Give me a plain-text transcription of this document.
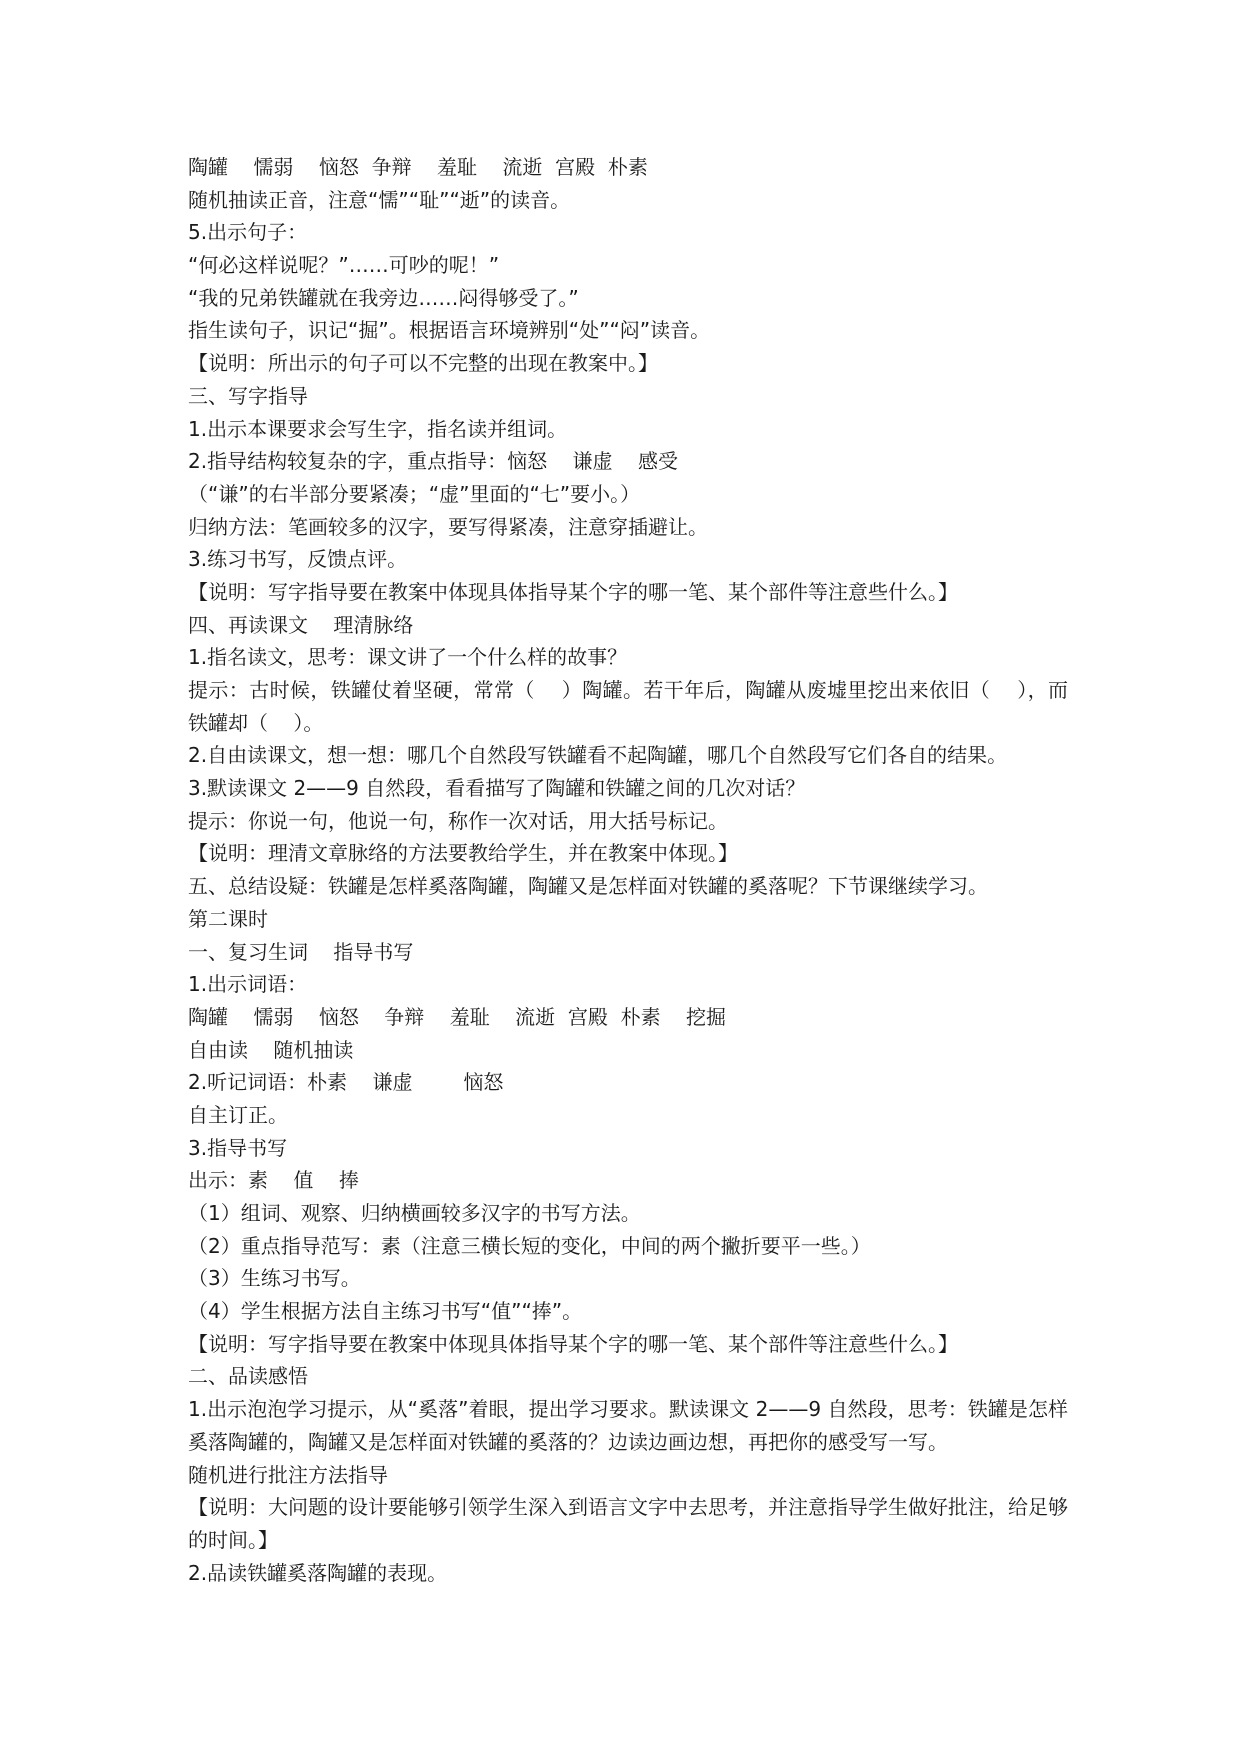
陶罐    懦弱    恼怒  争辩    羞耻    流逝  宫殿  朴素
随机抽读正音，注意“懦”“耻”“逝”的读音。
5.出示句子：
“何必这样说呢？”……可吵的呢！”
“我的兄弟铁罐就在我旁边……闷得够受了。”
指生读句子，识记“掘”。根据语言环境辨别“处”“闷”读音。
【说明：所出示的句子可以不完整的出现在教案中。】
三、写字指导
1.出示本课要求会写生字，指名读并组词。
2.指导结构较复杂的字，重点指导：恼怒    谦虚    感受
（“谦”的右半部分要紧凑；“虚”里面的“七”要小。）
归纳方法：笔画较多的汉字，要写得紧凑，注意穿插避让。
3.练习书写，反馈点评。
【说明：写字指导要在教案中体现具体指导某个字的哪一笔、某个部件等注意些什么。】
四、再读课文    理清脉络
1.指名读文，思考：课文讲了一个什么样的故事？
提示：古时候，铁罐仗着坚硬，常常（    ）陶罐。若干年后，陶罐从废墟里挖出来依旧（    ），而铁罐却（    ）。
2.自由读课文，想一想：哪几个自然段写铁罐看不起陶罐，哪几个自然段写它们各自的结果。
3.默读课文 2——9 自然段，看看描写了陶罐和铁罐之间的几次对话？
提示：你说一句，他说一句，称作一次对话，用大括号标记。
【说明：理清文章脉络的方法要教给学生，并在教案中体现。】
五、总结设疑：铁罐是怎样奚落陶罐，陶罐又是怎样面对铁罐的奚落呢？下节课继续学习。
第二课时
一、复习生词    指导书写
1.出示词语：
陶罐    懦弱    恼怒    争辩    羞耻    流逝  宫殿  朴素    挖掘
自由读    随机抽读
2.听记词语：朴素    谦虚        恼怒
自主订正。
3.指导书写
出示：素    值    捧
（1）组词、观察、归纳横画较多汉字的书写方法。
（2）重点指导范写：素（注意三横长短的变化，中间的两个撇折要平一些。）
（3）生练习书写。
（4）学生根据方法自主练习书写“值”“捧”。
【说明：写字指导要在教案中体现具体指导某个字的哪一笔、某个部件等注意些什么。】
二、品读感悟
1.出示泡泡学习提示，从“奚落”着眼，提出学习要求。默读课文 2——9 自然段，思考：铁罐是怎样奚落陶罐的，陶罐又是怎样面对铁罐的奚落的？边读边画边想，再把你的感受写一写。
随机进行批注方法指导
【说明：大问题的设计要能够引领学生深入到语言文字中去思考，并注意指导学生做好批注，给足够的时间。】
2.品读铁罐奚落陶罐的表现。
